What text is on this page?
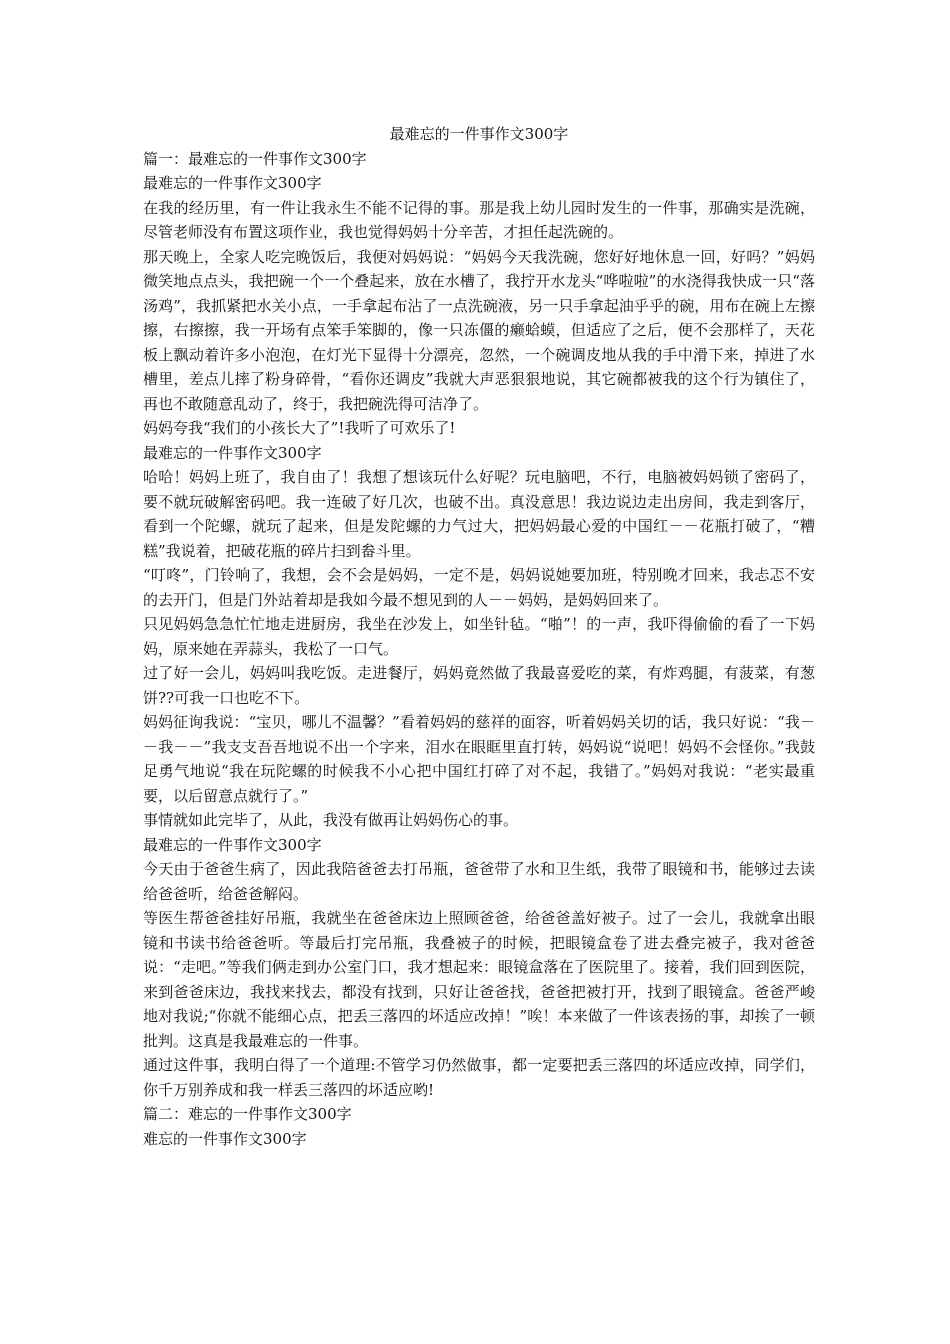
最难忘的一件事作文300字
篇一：最难忘的一件事作文300字
最难忘的一件事作文300字
在我的经历里，有一件让我永生不能不记得的事。那是我上幼儿园时发生的一件事，那确实是洗碗，尽管老师没有布置这项作业，我也觉得妈妈十分辛苦，才担任起洗碗的。
那天晚上，全家人吃完晚饭后，我便对妈妈说：“妈妈今天我洗碗，您好好地休息一回，好吗？”妈妈微笑地点点头，我把碗一个一个叠起来，放在水槽了，我拧开水龙头“哗啦啦”的水浇得我快成一只“落汤鸡”，我抓紧把水关小点，一手拿起布沾了一点洗碗液，另一只手拿起油乎乎的碗，用布在碗上左擦擦，右擦擦，我一开场有点笨手笨脚的，像一只冻僵的癞蛤蟆，但适应了之后，便不会那样了，天花板上飘动着许多小泡泡，在灯光下显得十分漂亮，忽然，一个碗调皮地从我的手中滑下来，掉进了水槽里，差点儿摔了粉身碎骨，“看你还调皮”我就大声恶狠狠地说，其它碗都被我的这个行为镇住了，再也不敢随意乱动了，终于，我把碗洗得可洁净了。
妈妈夸我“我们的小孩长大了”!我听了可欢乐了!
最难忘的一件事作文300字
哈哈！妈妈上班了，我自由了！我想了想该玩什么好呢？玩电脑吧，不行，电脑被妈妈锁了密码了，要不就玩破解密码吧。我一连破了好几次，也破不出。真没意思！我边说边走出房间，我走到客厅，看到一个陀螺，就玩了起来，但是发陀螺的力气过大，把妈妈最心爱的中国红－－花瓶打破了，“糟糕”我说着，把破花瓶的碎片扫到畚斗里。
“叮咚”，门铃响了，我想，会不会是妈妈，一定不是，妈妈说她要加班，特别晚才回来，我忐忑不安的去开门，但是门外站着却是我如今最不想见到的人－－妈妈，是妈妈回来了。
只见妈妈急急忙忙地走进厨房，我坐在沙发上，如坐针毡。“啪”！的一声，我吓得偷偷的看了一下妈妈，原来她在弄蒜头，我松了一口气。
过了好一会儿，妈妈叫我吃饭。走进餐厅，妈妈竟然做了我最喜爱吃的菜，有炸鸡腿，有菠菜，有葱饼??可我一口也吃不下。
妈妈征询我说：“宝贝，哪儿不温馨？”看着妈妈的慈祥的面容，听着妈妈关切的话，我只好说：“我－－我－－”我支支吾吾地说不出一个字来，泪水在眼眶里直打转，妈妈说“说吧！妈妈不会怪你。”我鼓足勇气地说“我在玩陀螺的时候我不小心把中国红打碎了对不起，我错了。”妈妈对我说：“老实最重要，以后留意点就行了。”
事情就如此完毕了，从此，我没有做再让妈妈伤心的事。
最难忘的一件事作文300字
今天由于爸爸生病了，因此我陪爸爸去打吊瓶，爸爸带了水和卫生纸，我带了眼镜和书，能够过去读给爸爸听，给爸爸解闷。
等医生帮爸爸挂好吊瓶，我就坐在爸爸床边上照顾爸爸，给爸爸盖好被子。过了一会儿，我就拿出眼镜和书读书给爸爸听。等最后打完吊瓶，我叠被子的时候，把眼镜盒卷了进去叠完被子，我对爸爸说：“走吧。”等我们俩走到办公室门口，我才想起来：眼镜盒落在了医院里了。接着，我们回到医院，来到爸爸床边，我找来找去，都没有找到，只好让爸爸找，爸爸把被打开，找到了眼镜盒。爸爸严峻地对我说;“你就不能细心点，把丢三落四的坏适应改掉！”唉！本来做了一件该表扬的事，却挨了一顿批判。这真是我最难忘的一件事。
通过这件事，我明白得了一个道理:不管学习仍然做事，都一定要把丢三落四的坏适应改掉，同学们，你千万别养成和我一样丢三落四的坏适应哟!
篇二：难忘的一件事作文300字
难忘的一件事作文300字
